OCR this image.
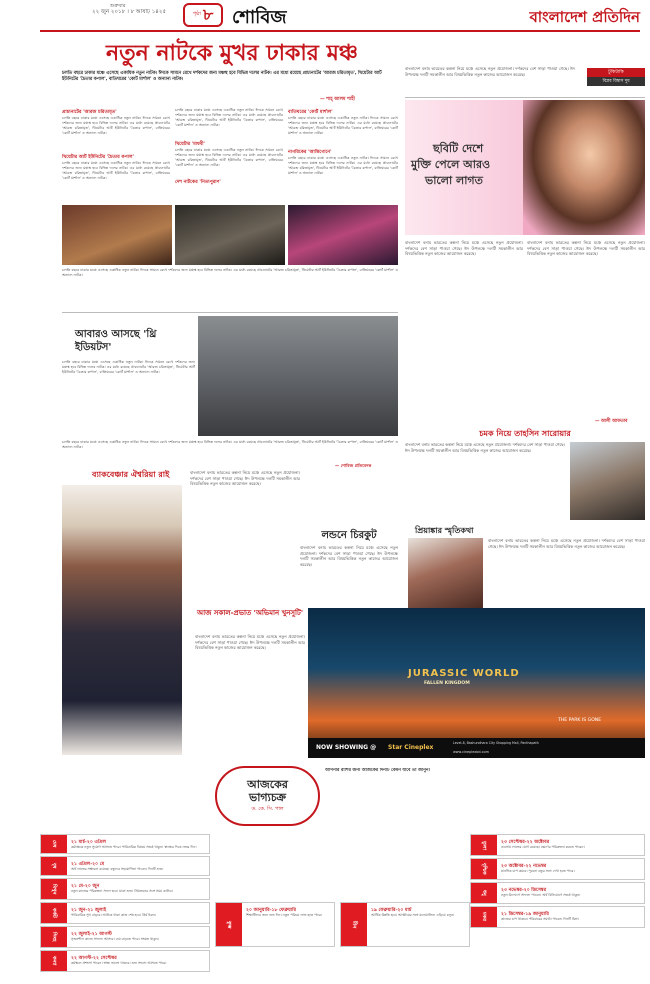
শুক্রবার
২২ জুন ২০১৮ । ৮ আষাঢ় ১৪২৫	পৃষ্ঠা ৮ শোবিজ	বাংলাদেশ প্রতিদিন
নতুন নাটকে মুখর ঢাকার মঞ্চ
চলতি বছরে ঢাকার মঞ্চে এসেছে একাধিক নতুন নাটক। ঈদকে সামনে রেখে দর্শকদের জন্য মঞ্চস্থ হবে বিভিন্ন দলের নাটক। এর মধ্যে রয়েছে প্রাচ্যনাটের 'আরজ চরিতামৃত', থিয়েটার আর্ট ইউনিটের 'চৈতার কপাল', বাতিঘরের 'কোর্ট মার্শাল' ও অন্যান্য নাটক।
— শাহ্ আলম শাহী
প্রাচ্যনাটের 'আরজ চরিতামৃত'
চলতি বছরে ঢাকার মঞ্চে এসেছে একাধিক নতুন নাটক। ঈদকে সামনে রেখে দর্শকদের জন্য মঞ্চস্থ হবে বিভিন্ন দলের নাটক। এর মধ্যে রয়েছে প্রাচ্যনাটের 'আরজ চরিতামৃত', থিয়েটার আর্ট ইউনিটের 'চৈতার কপাল', বাতিঘরের 'কোর্ট মার্শাল' ও অন্যান্য নাটক।
থিয়েটার আর্ট ইউনিটের 'চৈতার কপাল'
চলতি বছরে ঢাকার মঞ্চে এসেছে একাধিক নতুন নাটক। ঈদকে সামনে রেখে দর্শকদের জন্য মঞ্চস্থ হবে বিভিন্ন দলের নাটক। এর মধ্যে রয়েছে প্রাচ্যনাটের 'আরজ চরিতামৃত', থিয়েটার আর্ট ইউনিটের 'চৈতার কপাল', বাতিঘরের 'কোর্ট মার্শাল' ও অন্যান্য নাটক।
চলতি বছরে ঢাকার মঞ্চে এসেছে একাধিক নতুন নাটক। ঈদকে সামনে রেখে দর্শকদের জন্য মঞ্চস্থ হবে বিভিন্ন দলের নাটক। এর মধ্যে রয়েছে প্রাচ্যনাটের 'আরজ চরিতামৃত', থিয়েটার আর্ট ইউনিটের 'চৈতার কপাল', বাতিঘরের 'কোর্ট মার্শাল' ও অন্যান্য নাটক।
থিয়েটার 'মাধবী'
চলতি বছরে ঢাকার মঞ্চে এসেছে একাধিক নতুন নাটক। ঈদকে সামনে রেখে দর্শকদের জন্য মঞ্চস্থ হবে বিভিন্ন দলের নাটক। এর মধ্যে রয়েছে প্রাচ্যনাটের 'আরজ চরিতামৃত', থিয়েটার আর্ট ইউনিটের 'চৈতার কপাল', বাতিঘরের 'কোর্ট মার্শাল' ও অন্যান্য নাটক।
দেশ নাটকের 'নিত্যপুরাণ'
বাতিঘরের 'কোর্ট মার্শাল'
চলতি বছরে ঢাকার মঞ্চে এসেছে একাধিক নতুন নাটক। ঈদকে সামনে রেখে দর্শকদের জন্য মঞ্চস্থ হবে বিভিন্ন দলের নাটক। এর মধ্যে রয়েছে প্রাচ্যনাটের 'আরজ চরিতামৃত', থিয়েটার আর্ট ইউনিটের 'চৈতার কপাল', বাতিঘরের 'কোর্ট মার্শাল' ও অন্যান্য নাটক।
নাগরিকের 'আন্তিগোনে'
চলতি বছরে ঢাকার মঞ্চে এসেছে একাধিক নতুন নাটক। ঈদকে সামনে রেখে দর্শকদের জন্য মঞ্চস্থ হবে বিভিন্ন দলের নাটক। এর মধ্যে রয়েছে প্রাচ্যনাটের 'আরজ চরিতামৃত', থিয়েটার আর্ট ইউনিটের 'চৈতার কপাল', বাতিঘরের 'কোর্ট মার্শাল' ও অন্যান্য নাটক।
চলতি বছরে ঢাকার মঞ্চে এসেছে একাধিক নতুন নাটক। ঈদকে সামনে রেখে দর্শকদের জন্য মঞ্চস্থ হবে বিভিন্ন দলের নাটক। এর মধ্যে রয়েছে প্রাচ্যনাটের 'আরজ চরিতামৃত', থিয়েটার আর্ট ইউনিটের 'চৈতার কপাল', বাতিঘরের 'কোর্ট মার্শাল' ও অন্যান্য নাটক।
বাংলাদেশ বনাম ভারতের কল্পনা নিয়ে মঞ্চে এসেছে নতুন প্রযোজনা। দর্শকদের বেশ সাড়া পাওয়া গেছে। ঈদ উপলক্ষে দলটি সমকালীন আর বিষয়ভিত্তিক নতুন কাজের আয়োজন করেছে।	টুকিটাকি
বিপ্লব বিশ্বাস দুধ
ছবিটি দেশে
মুক্তি পেলে আরও
ভালো লাগত
বাংলাদেশ বনাম ভারতের কল্পনা নিয়ে মঞ্চে এসেছে নতুন প্রযোজনা। দর্শকদের বেশ সাড়া পাওয়া গেছে। ঈদ উপলক্ষে দলটি সমকালীন আর বিষয়ভিত্তিক নতুন কাজের আয়োজন করেছে।
বাংলাদেশ বনাম ভারতের কল্পনা নিয়ে মঞ্চে এসেছে নতুন প্রযোজনা। দর্শকদের বেশ সাড়া পাওয়া গেছে। ঈদ উপলক্ষে দলটি সমকালীন আর বিষয়ভিত্তিক নতুন কাজের আয়োজন করেছে।
— আলী আফতাব
আবারও আসছে 'থ্রি ইডিয়টস'
চলতি বছরে ঢাকার মঞ্চে এসেছে একাধিক নতুন নাটক। ঈদকে সামনে রেখে দর্শকদের জন্য মঞ্চস্থ হবে বিভিন্ন দলের নাটক। এর মধ্যে রয়েছে প্রাচ্যনাটের 'আরজ চরিতামৃত', থিয়েটার আর্ট ইউনিটের 'চৈতার কপাল', বাতিঘরের 'কোর্ট মার্শাল' ও অন্যান্য নাটক।
চলতি বছরে ঢাকার মঞ্চে এসেছে একাধিক নতুন নাটক। ঈদকে সামনে রেখে দর্শকদের জন্য মঞ্চস্থ হবে বিভিন্ন দলের নাটক। এর মধ্যে রয়েছে প্রাচ্যনাটের 'আরজ চরিতামৃত', থিয়েটার আর্ট ইউনিটের 'চৈতার কপাল', বাতিঘরের 'কোর্ট মার্শাল' ও অন্যান্য নাটক।
— শোবিজ প্রতিবেদক
চমক নিয়ে তাহসিন সারোয়ার
বাংলাদেশ বনাম ভারতের কল্পনা নিয়ে মঞ্চে এসেছে নতুন প্রযোজনা। দর্শকদের বেশ সাড়া পাওয়া গেছে। ঈদ উপলক্ষে দলটি সমকালীন আর বিষয়ভিত্তিক নতুন কাজের আয়োজন করেছে।
প্রিয়াঙ্কার স্মৃতিকথা
বাংলাদেশ বনাম ভারতের কল্পনা নিয়ে মঞ্চে এসেছে নতুন প্রযোজনা। দর্শকদের বেশ সাড়া পাওয়া গেছে। ঈদ উপলক্ষে দলটি সমকালীন আর বিষয়ভিত্তিক নতুন কাজের আয়োজন করেছে।
ব্যাকবেঞ্চার ঐশ্বরিয়া রাই	বাংলাদেশ বনাম ভারতের কল্পনা নিয়ে মঞ্চে এসেছে নতুন প্রযোজনা। দর্শকদের বেশ সাড়া পাওয়া গেছে। ঈদ উপলক্ষে দলটি সমকালীন আর বিষয়ভিত্তিক নতুন কাজের আয়োজন করেছে।
লন্ডনে চিরকুট
বাংলাদেশ বনাম ভারতের কল্পনা নিয়ে মঞ্চে এসেছে নতুন প্রযোজনা। দর্শকদের বেশ সাড়া পাওয়া গেছে। ঈদ উপলক্ষে দলটি সমকালীন আর বিষয়ভিত্তিক নতুন কাজের আয়োজন করেছে।
আজ সকাল-প্রভাত 'অভিমান খুনসুটি'
বাংলাদেশ বনাম ভারতের কল্পনা নিয়ে মঞ্চে এসেছে নতুন প্রযোজনা। দর্শকদের বেশ সাড়া পাওয়া গেছে। ঈদ উপলক্ষে দলটি সমকালীন আর বিষয়ভিত্তিক নতুন কাজের আয়োজন করেছে।
JURASSIC WORLD
FALLEN KINGDOM
THE PARK IS GONE
NOW SHOWING @ Star Cineplex
Level-8, Bashundhara City Shopping Mall, Panthapath
www.cineplexbd.com
আজকের ভাগ্যচক্র
ড. কে. সি. পাল
আপনার রাশির জন্য আজকের দিনটি কেমন যাবে তা জানুন।
মেষ	২১ মার্চ-২০ এপ্রিল
কর্মক্ষেত্রে নতুন সুযোগ আসতে পারে। পারিবারিক বিষয়ে সতর্ক থাকুন। স্বাস্থ্যের দিকে নজর দিন।
বৃষ	২১ এপ্রিল-২০ মে
অর্থ লাভের সম্ভাবনা রয়েছে। বন্ধুদের সহযোগিতা পাবেন। দিনটি শুভ।
মিথুন	২১ মে-২০ জুন
নতুন কাজের পরিকল্পনা সফল হবে। যাত্রা শুভ। প্রিয়জনের সঙ্গে সময় কাটবে।
কর্কট	২১ জুন-২১ জুলাই
পারিবারিক সুখ বাড়বে। আটকে থাকা কাজ শেষ হবে। ধৈর্য ধরুন।
সিংহ	২২ জুলাই-২১ আগস্ট
সৃজনশীল কাজে সাফল্য আসবে। ব্যয় বাড়তে পারে। সংযত থাকুন।
কন্যা	২২ আগস্ট-২২ সেপ্টেম্বর
কর্মস্থলে প্রশংসা পাবেন। স্বাস্থ্য ভালো থাকবে। শুভ সংবাদ আসতে পারে।
তুলা	২৩ সেপ্টেম্বর-২২ অক্টোবর
ব্যবসায় লাভের যোগ রয়েছে। ভ্রমণের পরিকল্পনা করতে পারেন।
বৃশ্চিক	২৩ অক্টোবর-২২ নভেম্বর
মানসিক চাপ কমবে। পুরনো বন্ধুর সঙ্গে দেখা হতে পারে।
ধনু	২৩ নভেম্বর-২০ ডিসেম্বর
নতুন উদ্যোগে সাফল্য পাবেন। অর্থ বিনিয়োগে সতর্ক থাকুন।
মকর	২১ ডিসেম্বর-১৯ জানুয়ারি
কাজের চাপ থাকবে। পরিবারের সমর্থন পাবেন। দিনটি মিশ্র।
কুম্ভ
২০ জানুয়ারি-১৮ ফেব্রুয়ারি
শিক্ষার্থীদের জন্য শুভ দিন। নতুন পরিচয় লাভ হতে পারে।
মীন
১৯ ফেব্রুয়ারি-২০ মার্চ
আর্থিক উন্নতি হবে। আত্মীয়ের সঙ্গে মনোমালিন্য এড়িয়ে চলুন।
